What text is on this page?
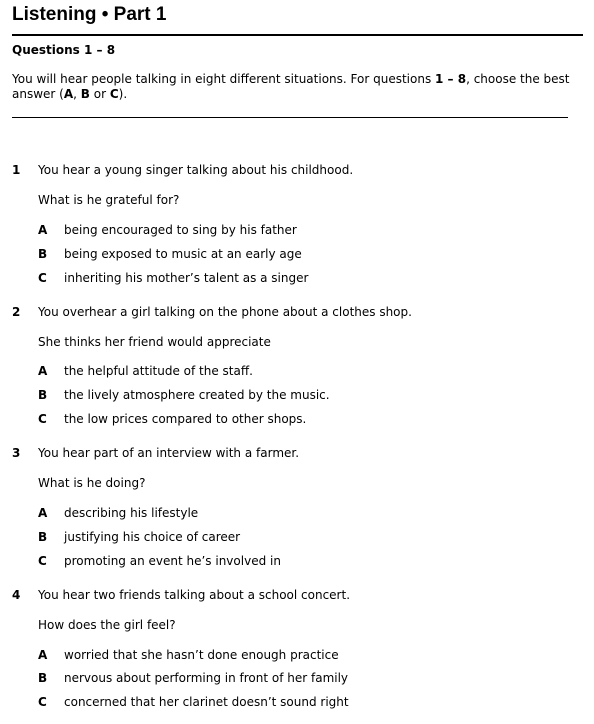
Listening • Part 1
Questions 1 – 8
You will hear people talking in eight different situations. For questions 1 – 8, choose the best answer (A, B or C).
1 You hear a young singer talking about his childhood.
What is he grateful for?
A being encouraged to sing by his father
B being exposed to music at an early age
C inheriting his mother’s talent as a singer
2 You overhear a girl talking on the phone about a clothes shop.
She thinks her friend would appreciate
A the helpful attitude of the staff.
B the lively atmosphere created by the music.
C the low prices compared to other shops.
3 You hear part of an interview with a farmer.
What is he doing?
A describing his lifestyle
B justifying his choice of career
C promoting an event he’s involved in
4 You hear two friends talking about a school concert.
How does the girl feel?
A worried that she hasn’t done enough practice
B nervous about performing in front of her family
C concerned that her clarinet doesn’t sound right
